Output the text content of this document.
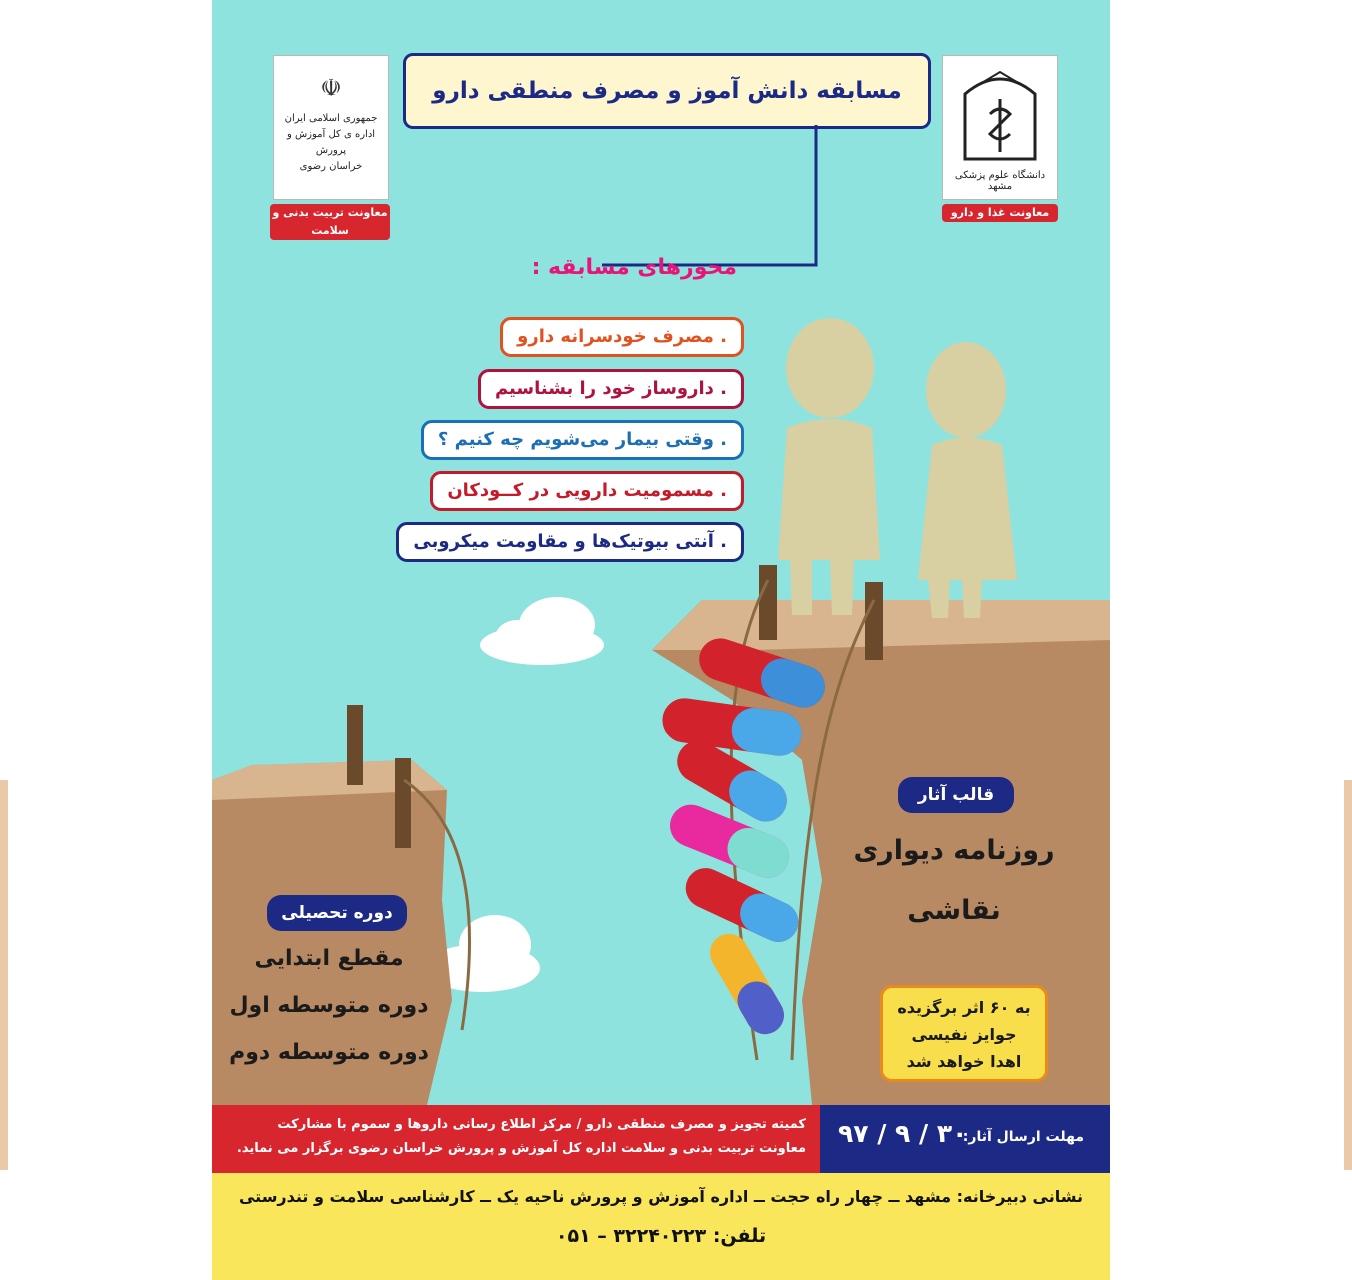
☫
جمهوری اسلامی ایران
اداره ی کل آموزش و پرورش
خراسان رضوی
معاونت تربیت بدنی و سلامت
دانشگاه علوم پزشکی مشهد
معاونت غذا و دارو
مسابقه دانش آموز و مصرف منطقی دارو
محورهای مسابقه :
. مصرف خودسرانه دارو
. داروساز خود را بشناسیم
. وقتی بیمار می‌شویم چه کنیم ؟
. مسمومیت دارویی در کــودکان
. آنتی بیوتیک‌ها و مقاومت میکروبی
قالب آثار
روزنامه دیواری
نقاشی
دوره تحصیلی
مقطع ابتدایی
دوره متوسطه اول
دوره متوسطه دوم
به ۶۰ اثر برگزیده
جوایز نفیسی
اهدا خواهد شد
کمیته تجویز و مصرف منطقی دارو / مرکز اطلاع رسانی داروها و سموم با مشارکت
معاونت تربیت بدنی و سلامت اداره کل آموزش و پرورش خراسان رضوی برگزار می نماید.
مهلت ارسال آثار:
۹۷ / ۹ / ۳۰
نشانی دبیرخانه: مشهد ــ چهار راه حجت ــ اداره آموزش و پرورش ناحیه یک ــ کارشناسی سلامت و تندرستی
تلفن: ۳۲۲۴۰۲۲۳ – ۰۵۱
